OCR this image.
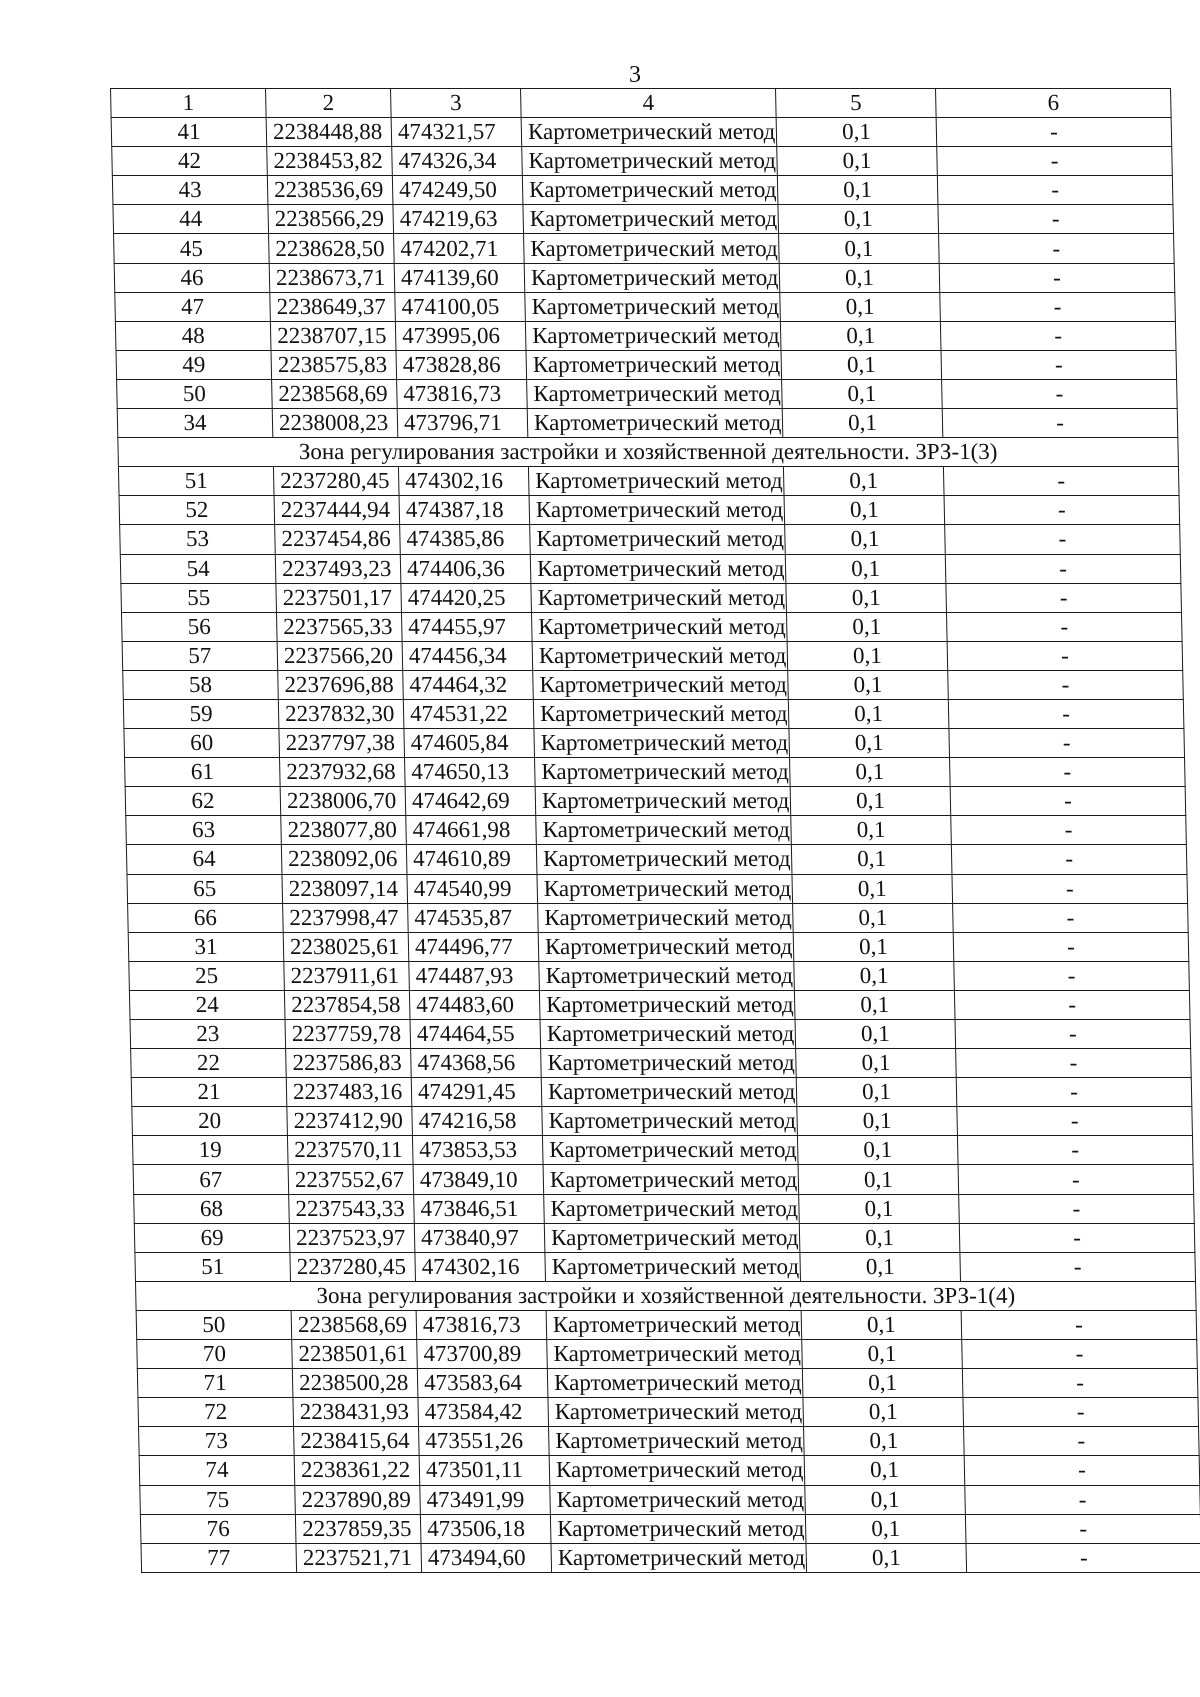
3
1	2	3	4	5	6
41	2238448,88	474321,57	Картометрический метод	0,1	-
42	2238453,82	474326,34	Картометрический метод	0,1	-
43	2238536,69	474249,50	Картометрический метод	0,1	-
44	2238566,29	474219,63	Картометрический метод	0,1	-
45	2238628,50	474202,71	Картометрический метод	0,1	-
46	2238673,71	474139,60	Картометрический метод	0,1	-
47	2238649,37	474100,05	Картометрический метод	0,1	-
48	2238707,15	473995,06	Картометрический метод	0,1	-
49	2238575,83	473828,86	Картометрический метод	0,1	-
50	2238568,69	473816,73	Картометрический метод	0,1	-
34	2238008,23	473796,71	Картометрический метод	0,1	-
Зона регулирования застройки и хозяйственной деятельности. ЗРЗ-1(3)					
51	2237280,45	474302,16	Картометрический метод	0,1	-
52	2237444,94	474387,18	Картометрический метод	0,1	-
53	2237454,86	474385,86	Картометрический метод	0,1	-
54	2237493,23	474406,36	Картометрический метод	0,1	-
55	2237501,17	474420,25	Картометрический метод	0,1	-
56	2237565,33	474455,97	Картометрический метод	0,1	-
57	2237566,20	474456,34	Картометрический метод	0,1	-
58	2237696,88	474464,32	Картометрический метод	0,1	-
59	2237832,30	474531,22	Картометрический метод	0,1	-
60	2237797,38	474605,84	Картометрический метод	0,1	-
61	2237932,68	474650,13	Картометрический метод	0,1	-
62	2238006,70	474642,69	Картометрический метод	0,1	-
63	2238077,80	474661,98	Картометрический метод	0,1	-
64	2238092,06	474610,89	Картометрический метод	0,1	-
65	2238097,14	474540,99	Картометрический метод	0,1	-
66	2237998,47	474535,87	Картометрический метод	0,1	-
31	2238025,61	474496,77	Картометрический метод	0,1	-
25	2237911,61	474487,93	Картометрический метод	0,1	-
24	2237854,58	474483,60	Картометрический метод	0,1	-
23	2237759,78	474464,55	Картометрический метод	0,1	-
22	2237586,83	474368,56	Картометрический метод	0,1	-
21	2237483,16	474291,45	Картометрический метод	0,1	-
20	2237412,90	474216,58	Картометрический метод	0,1	-
19	2237570,11	473853,53	Картометрический метод	0,1	-
67	2237552,67	473849,10	Картометрический метод	0,1	-
68	2237543,33	473846,51	Картометрический метод	0,1	-
69	2237523,97	473840,97	Картометрический метод	0,1	-
51	2237280,45	474302,16	Картометрический метод	0,1	-
Зона регулирования застройки и хозяйственной деятельности. ЗРЗ-1(4)					
50	2238568,69	473816,73	Картометрический метод	0,1	-
70	2238501,61	473700,89	Картометрический метод	0,1	-
71	2238500,28	473583,64	Картометрический метод	0,1	-
72	2238431,93	473584,42	Картометрический метод	0,1	-
73	2238415,64	473551,26	Картометрический метод	0,1	-
74	2238361,22	473501,11	Картометрический метод	0,1	-
75	2237890,89	473491,99	Картометрический метод	0,1	-
76	2237859,35	473506,18	Картометрический метод	0,1	-
77	2237521,71	473494,60	Картометрический метод	0,1	-
